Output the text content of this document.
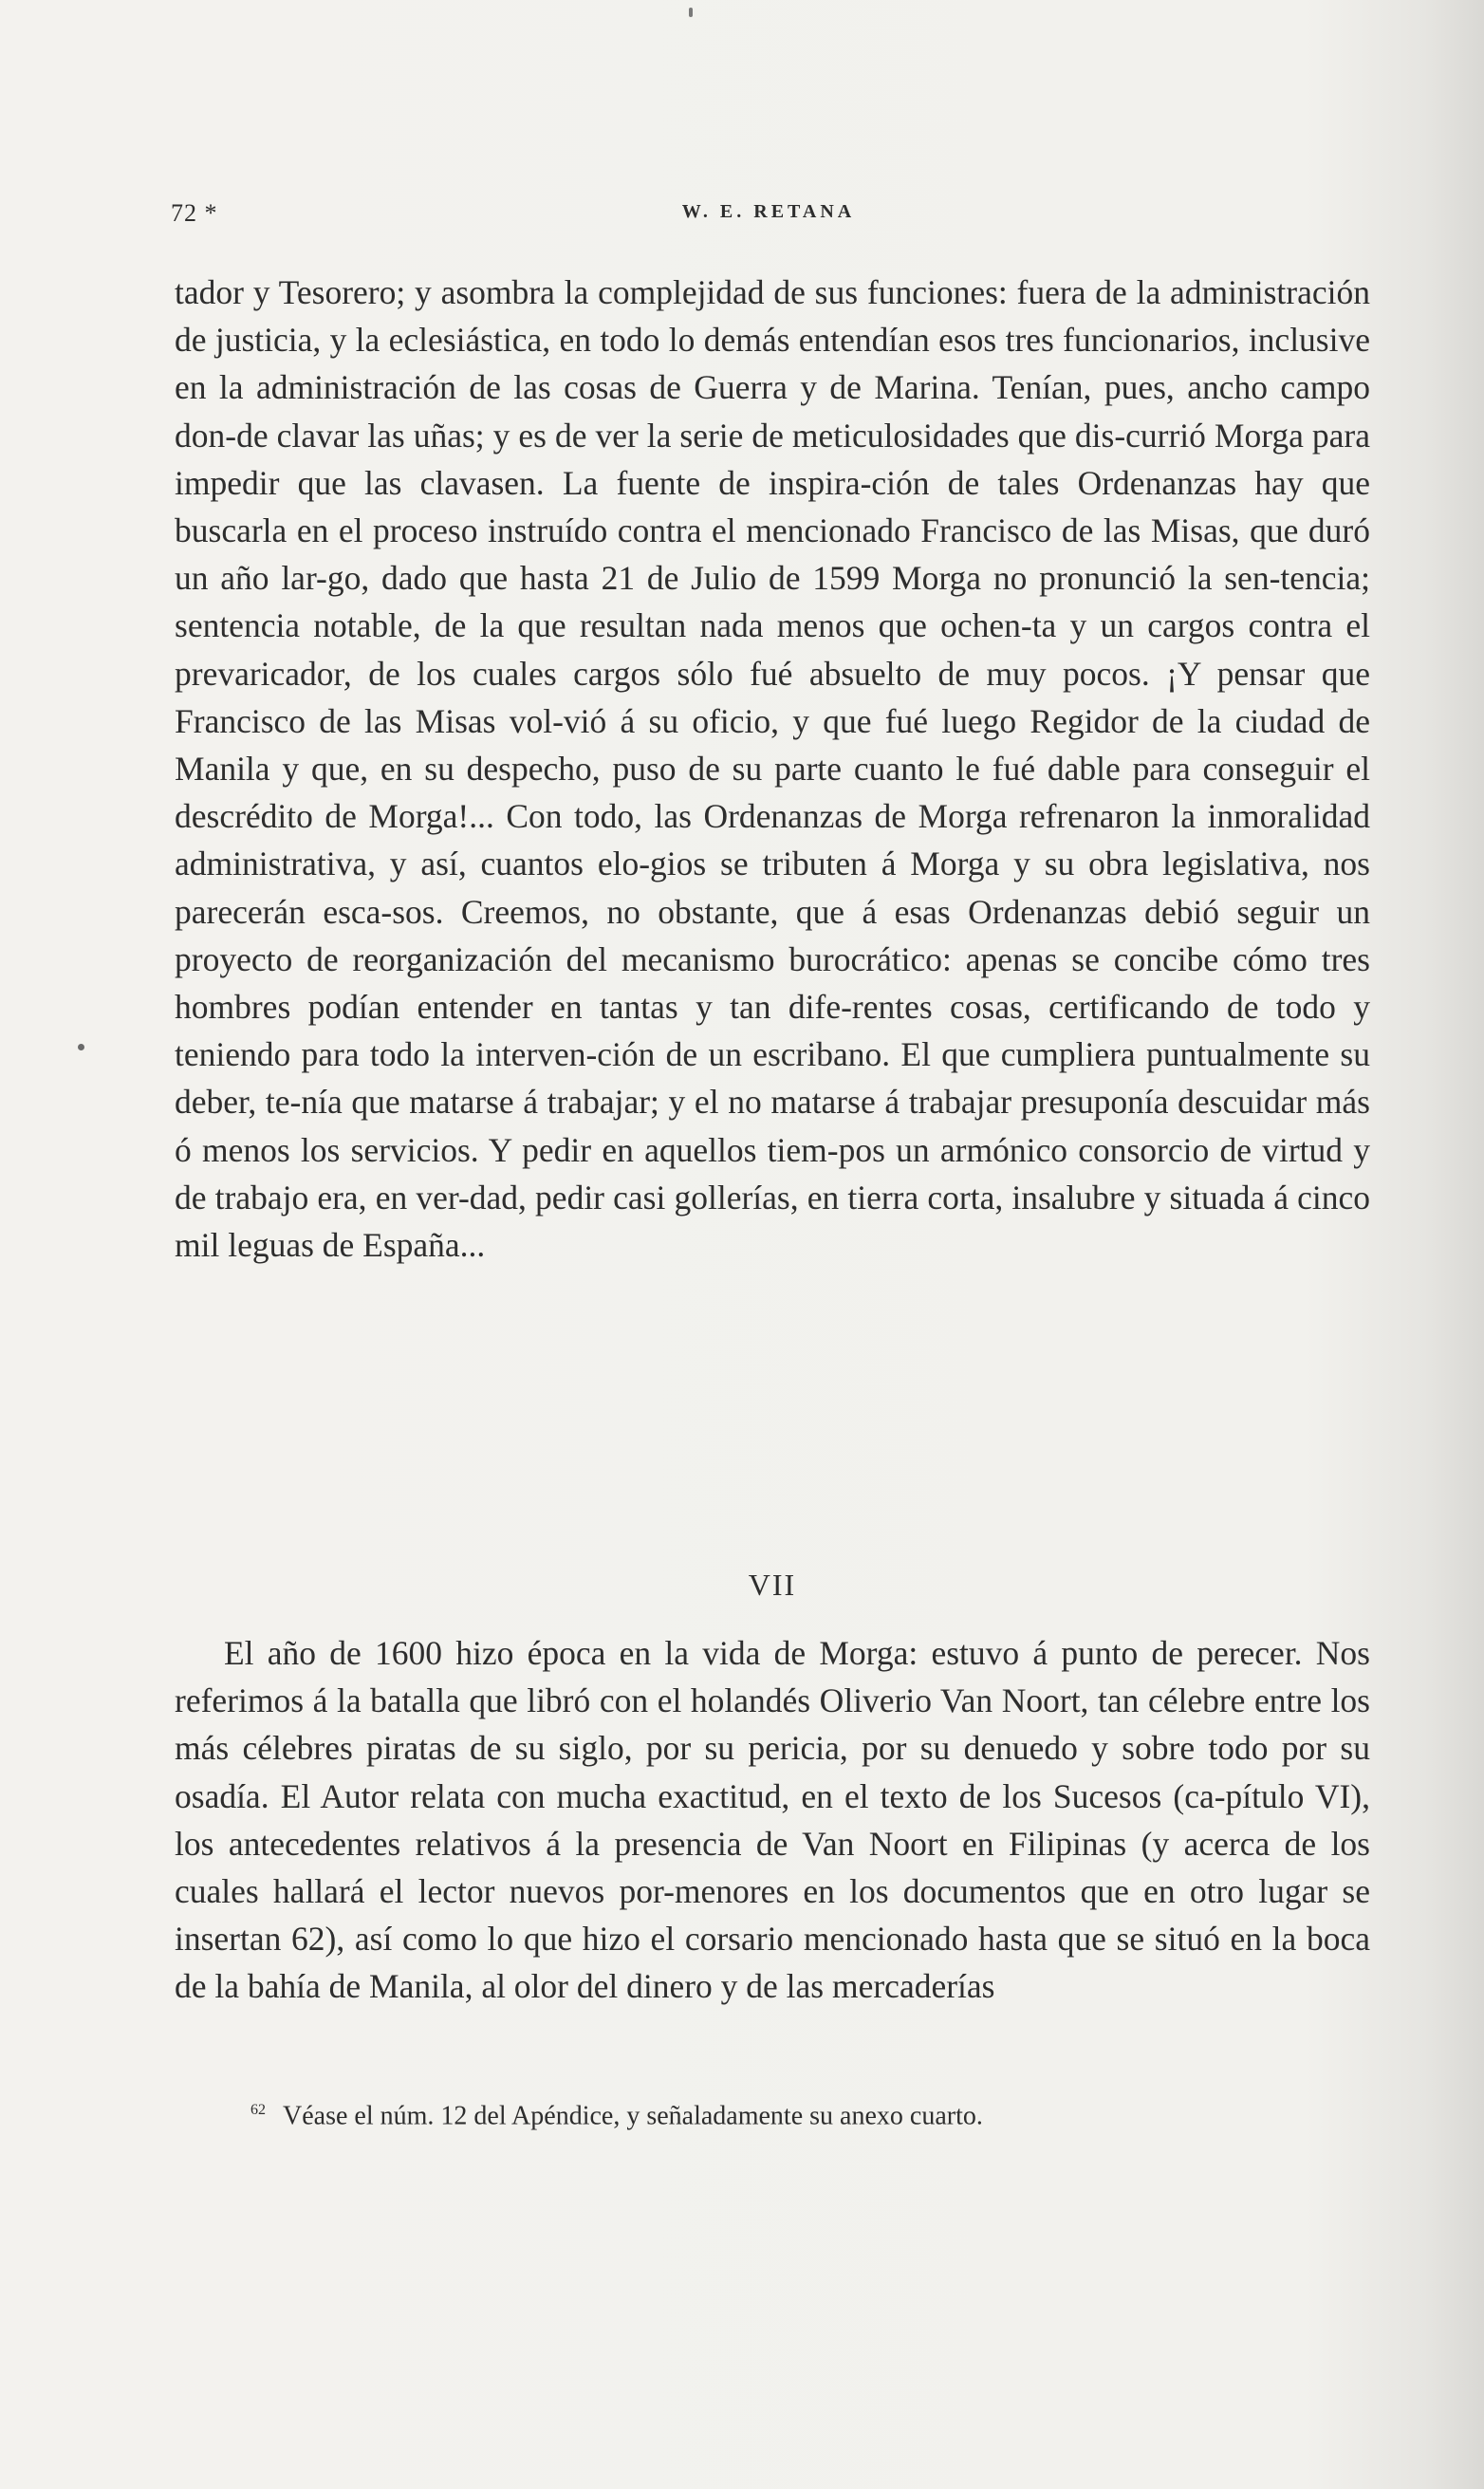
72 *	W. E. RETANA

tador y Tesorero; y asombra la complejidad de sus funciones: fuera de la administración de justicia, y la eclesiástica, en todo lo demás entendían esos tres funcionarios, inclusive en la administración de las cosas de Guerra y de Marina. Tenían, pues, ancho campo don-de clavar las uñas; y es de ver la serie de meticulosidades que dis-currió Morga para impedir que las clavasen. La fuente de inspira-ción de tales Ordenanzas hay que buscarla en el proceso instruído contra el mencionado Francisco de las Misas, que duró un año lar-go, dado que hasta 21 de Julio de 1599 Morga no pronunció la sen-tencia; sentencia notable, de la que resultan nada menos que ochen-ta y un cargos contra el prevaricador, de los cuales cargos sólo fué absuelto de muy pocos. ¡Y pensar que Francisco de las Misas vol-vió á su oficio, y que fué luego Regidor de la ciudad de Manila y que, en su despecho, puso de su parte cuanto le fué dable para conseguir el descrédito de Morga!... Con todo, las Ordenanzas de Morga refrenaron la inmoralidad administrativa, y así, cuantos elo-gios se tributen á Morga y su obra legislativa, nos parecerán esca-sos. Creemos, no obstante, que á esas Ordenanzas debió seguir un proyecto de reorganización del mecanismo burocrático: apenas se concibe cómo tres hombres podían entender en tantas y tan dife-rentes cosas, certificando de todo y teniendo para todo la interven-ción de un escribano. El que cumpliera puntualmente su deber, te-nía que matarse á trabajar; y el no matarse á trabajar presuponía descuidar más ó menos los servicios. Y pedir en aquellos tiem-pos un armónico consorcio de virtud y de trabajo era, en ver-dad, pedir casi gollerías, en tierra corta, insalubre y situada á cinco mil leguas de España...

VII

El año de 1600 hizo época en la vida de Morga: estuvo á punto de perecer. Nos referimos á la batalla que libró con el holandés Oliverio Van Noort, tan célebre entre los más célebres piratas de su siglo, por su pericia, por su denuedo y sobre todo por su osadía. El Autor relata con mucha exactitud, en el texto de los Sucesos (ca-pítulo VI), los antecedentes relativos á la presencia de Van Noort en Filipinas (y acerca de los cuales hallará el lector nuevos por-menores en los documentos que en otro lugar se insertan 62), así como lo que hizo el corsario mencionado hasta que se situó en la boca de la bahía de Manila, al olor del dinero y de las mercaderías

$^{62}$ Véase el núm. 12 del Apéndice, y señaladamente su anexo cuarto.
